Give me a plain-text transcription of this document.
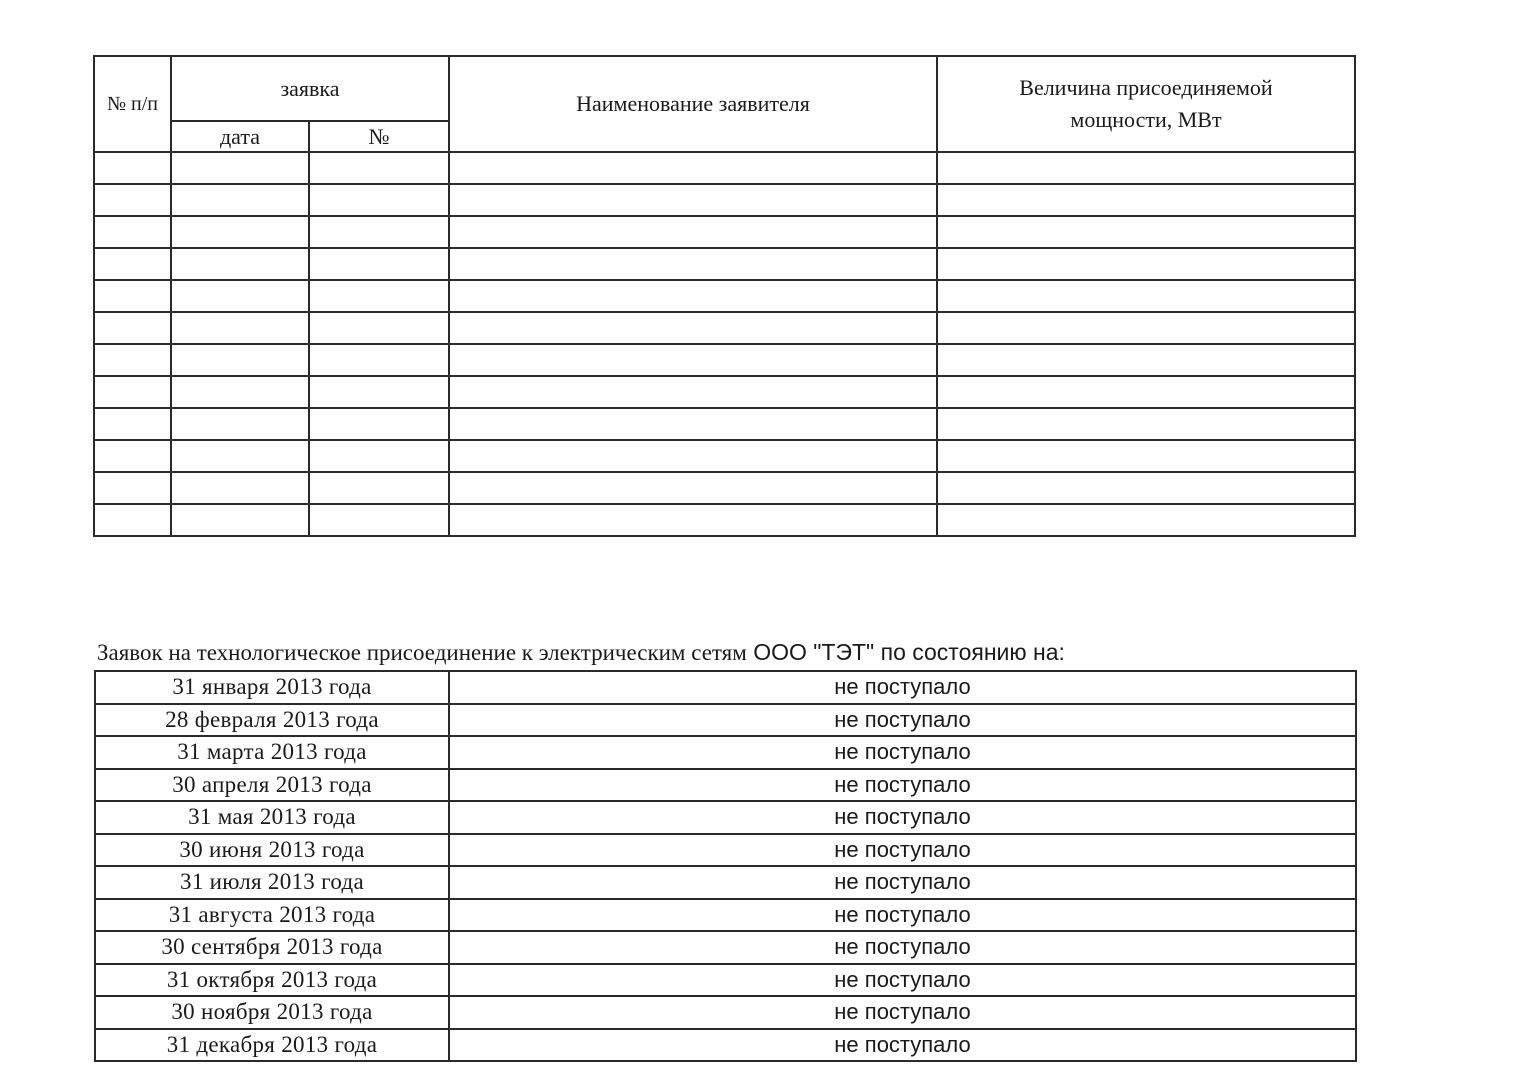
№ п/п	заявка		Наименование заявителя	Величина присоединяемой
мощности, МВт

	дата	№		

Заявок на технологическое присоединение к электрическим сетям ООО "ТЭТ" по состоянию на:
31 января 2013 года	не поступало
28 февраля 2013 года	не поступало
31 марта 2013 года	не поступало
30 апреля 2013 года	не поступало
31 мая 2013 года	не поступало
30 июня 2013 года	не поступало
31 июля 2013 года	не поступало
31 августа 2013 года	не поступало
30 сентября 2013 года	не поступало
31 октября 2013 года	не поступало
30 ноября 2013 года	не поступало
31 декабря 2013 года	не поступало
